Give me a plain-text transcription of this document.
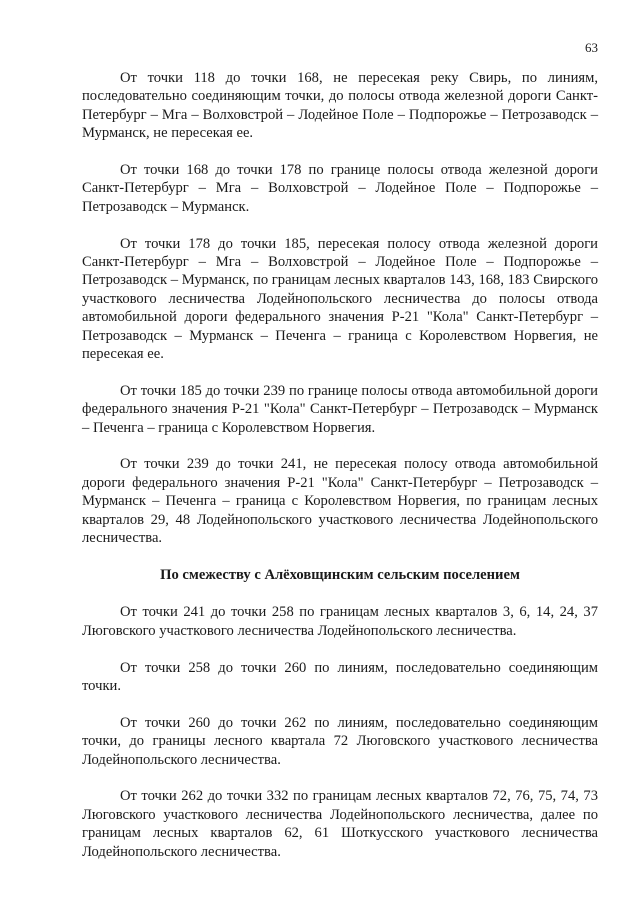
63

От точки 118 до точки 168, не пересекая реку Свирь, по линиям, последовательно соединяющим точки, до полосы отвода железной дороги Санкт-Петербург – Мга – Волховстрой – Лодейное Поле – Подпорожье – Петрозаводск – Мурманск, не пересекая ее.

От точки 168 до точки 178 по границе полосы отвода железной дороги Санкт-Петербург – Мга – Волховстрой – Лодейное Поле – Подпорожье – Петрозаводск – Мурманск.

От точки 178 до точки 185, пересекая полосу отвода железной дороги Санкт-Петербург – Мга – Волховстрой – Лодейное Поле – Подпорожье – Петрозаводск – Мурманск, по границам лесных кварталов 143, 168, 183 Свирского участкового лесничества Лодейнопольского лесничества до полосы отвода автомобильной дороги федерального значения Р-21 "Кола" Санкт-Петербург – Петрозаводск – Мурманск – Печенга – граница с Королевством Норвегия, не пересекая ее.

От точки 185 до точки 239 по границе полосы отвода автомобильной дороги федерального значения Р-21 "Кола" Санкт-Петербург – Петрозаводск – Мурманск – Печенга – граница с Королевством Норвегия.

От точки 239 до точки 241, не пересекая полосу отвода автомобильной дороги федерального значения Р-21 "Кола" Санкт-Петербург – Петрозаводск – Мурманск – Печенга – граница с Королевством Норвегия, по границам лесных кварталов 29, 48 Лодейнопольского участкового лесничества Лодейнопольского лесничества.

По смежеству с Алёховщинским сельским поселением

От точки 241 до точки 258 по границам лесных кварталов 3, 6, 14, 24, 37 Люговского участкового лесничества Лодейнопольского лесничества.

От точки 258 до точки 260 по линиям, последовательно соединяющим точки.

От точки 260 до точки 262 по линиям, последовательно соединяющим точки, до границы лесного квартала 72 Люговского участкового лесничества Лодейнопольского лесничества.

От точки 262 до точки 332 по границам лесных кварталов 72, 76, 75, 74, 73 Люговского участкового лесничества Лодейнопольского лесничества, далее по границам лесных кварталов 62, 61 Шоткусского участкового лесничества Лодейнопольского лесничества.
